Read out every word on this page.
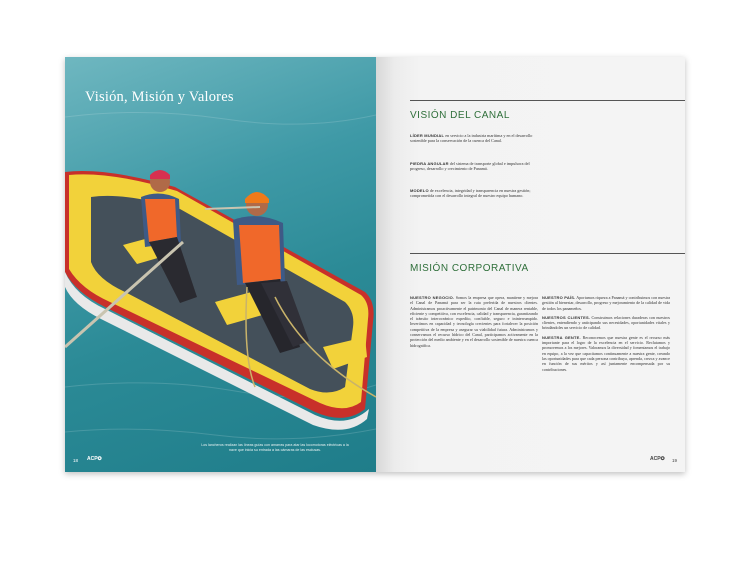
Visión, Misión y Valores
Los lancheros realizan las líneas guías con amarras para atar las locomotoras eléctricas a la nave que inicia su entrada a las cámaras de las esclusas.
18 ACP✪
VISIÓN DEL CANAL
LÍDER MUNDIAL en servicio a la industria marítima y en el desarrollo sostenible para la conservación de la cuenca del Canal.
PIEDRA ANGULAR del sistema de transporte global e impulsora del progreso, desarrollo y crecimiento de Panamá.
MODELO de excelencia, integridad y transparencia en nuestra gestión; comprometida con el desarrollo integral de nuestro equipo humano.
MISIÓN CORPORATIVA
NUESTRO NEGOCIO. Somos la empresa que opera, mantiene y mejora el Canal de Panamá para ser la ruta preferida de nuestros clientes. Administramos proactivamente el patrimonio del Canal de manera rentable, eficiente y competitiva, con excelencia, calidad y transparencia, garantizando el tránsito interoceánico expedito, confiable, seguro e ininterrumpido. Invertimos en capacidad y tecnología crecientes para fortalecer la posición competitiva de la empresa y asegurar su viabilidad futura. Administramos y conservamos el recurso hídrico del Canal, participamos activamente en la protección del medio ambiente y en el desarrollo sostenible de nuestra cuenca hidrográfica.
NUESTRO PAÍS. Aportamos riqueza a Panamá y contribuimos con nuestra gestión al bienestar, desarrollo, progreso y mejoramiento de la calidad de vida de todos los panameños.
NUESTROS CLIENTES. Construimos relaciones duraderas con nuestros clientes, entendiendo y anticipando sus necesidades, oportunidades vitales y brindándoles un servicio de calidad.
NUESTRA GENTE. Reconocemos que nuestra gente es el recurso más importante para el logro de la excelencia en el servicio. Reclutamos y promovemos a los mejores. Valoramos la diversidad y fomentamos el trabajo en equipo, a la vez que capacitamos continuamente a nuestra gente, creando las oportunidades para que cada persona contribuya, aprenda, crezca y avance en función de sus méritos y así juntamente encompensada por su contribuciones.
ACP✪ 19
